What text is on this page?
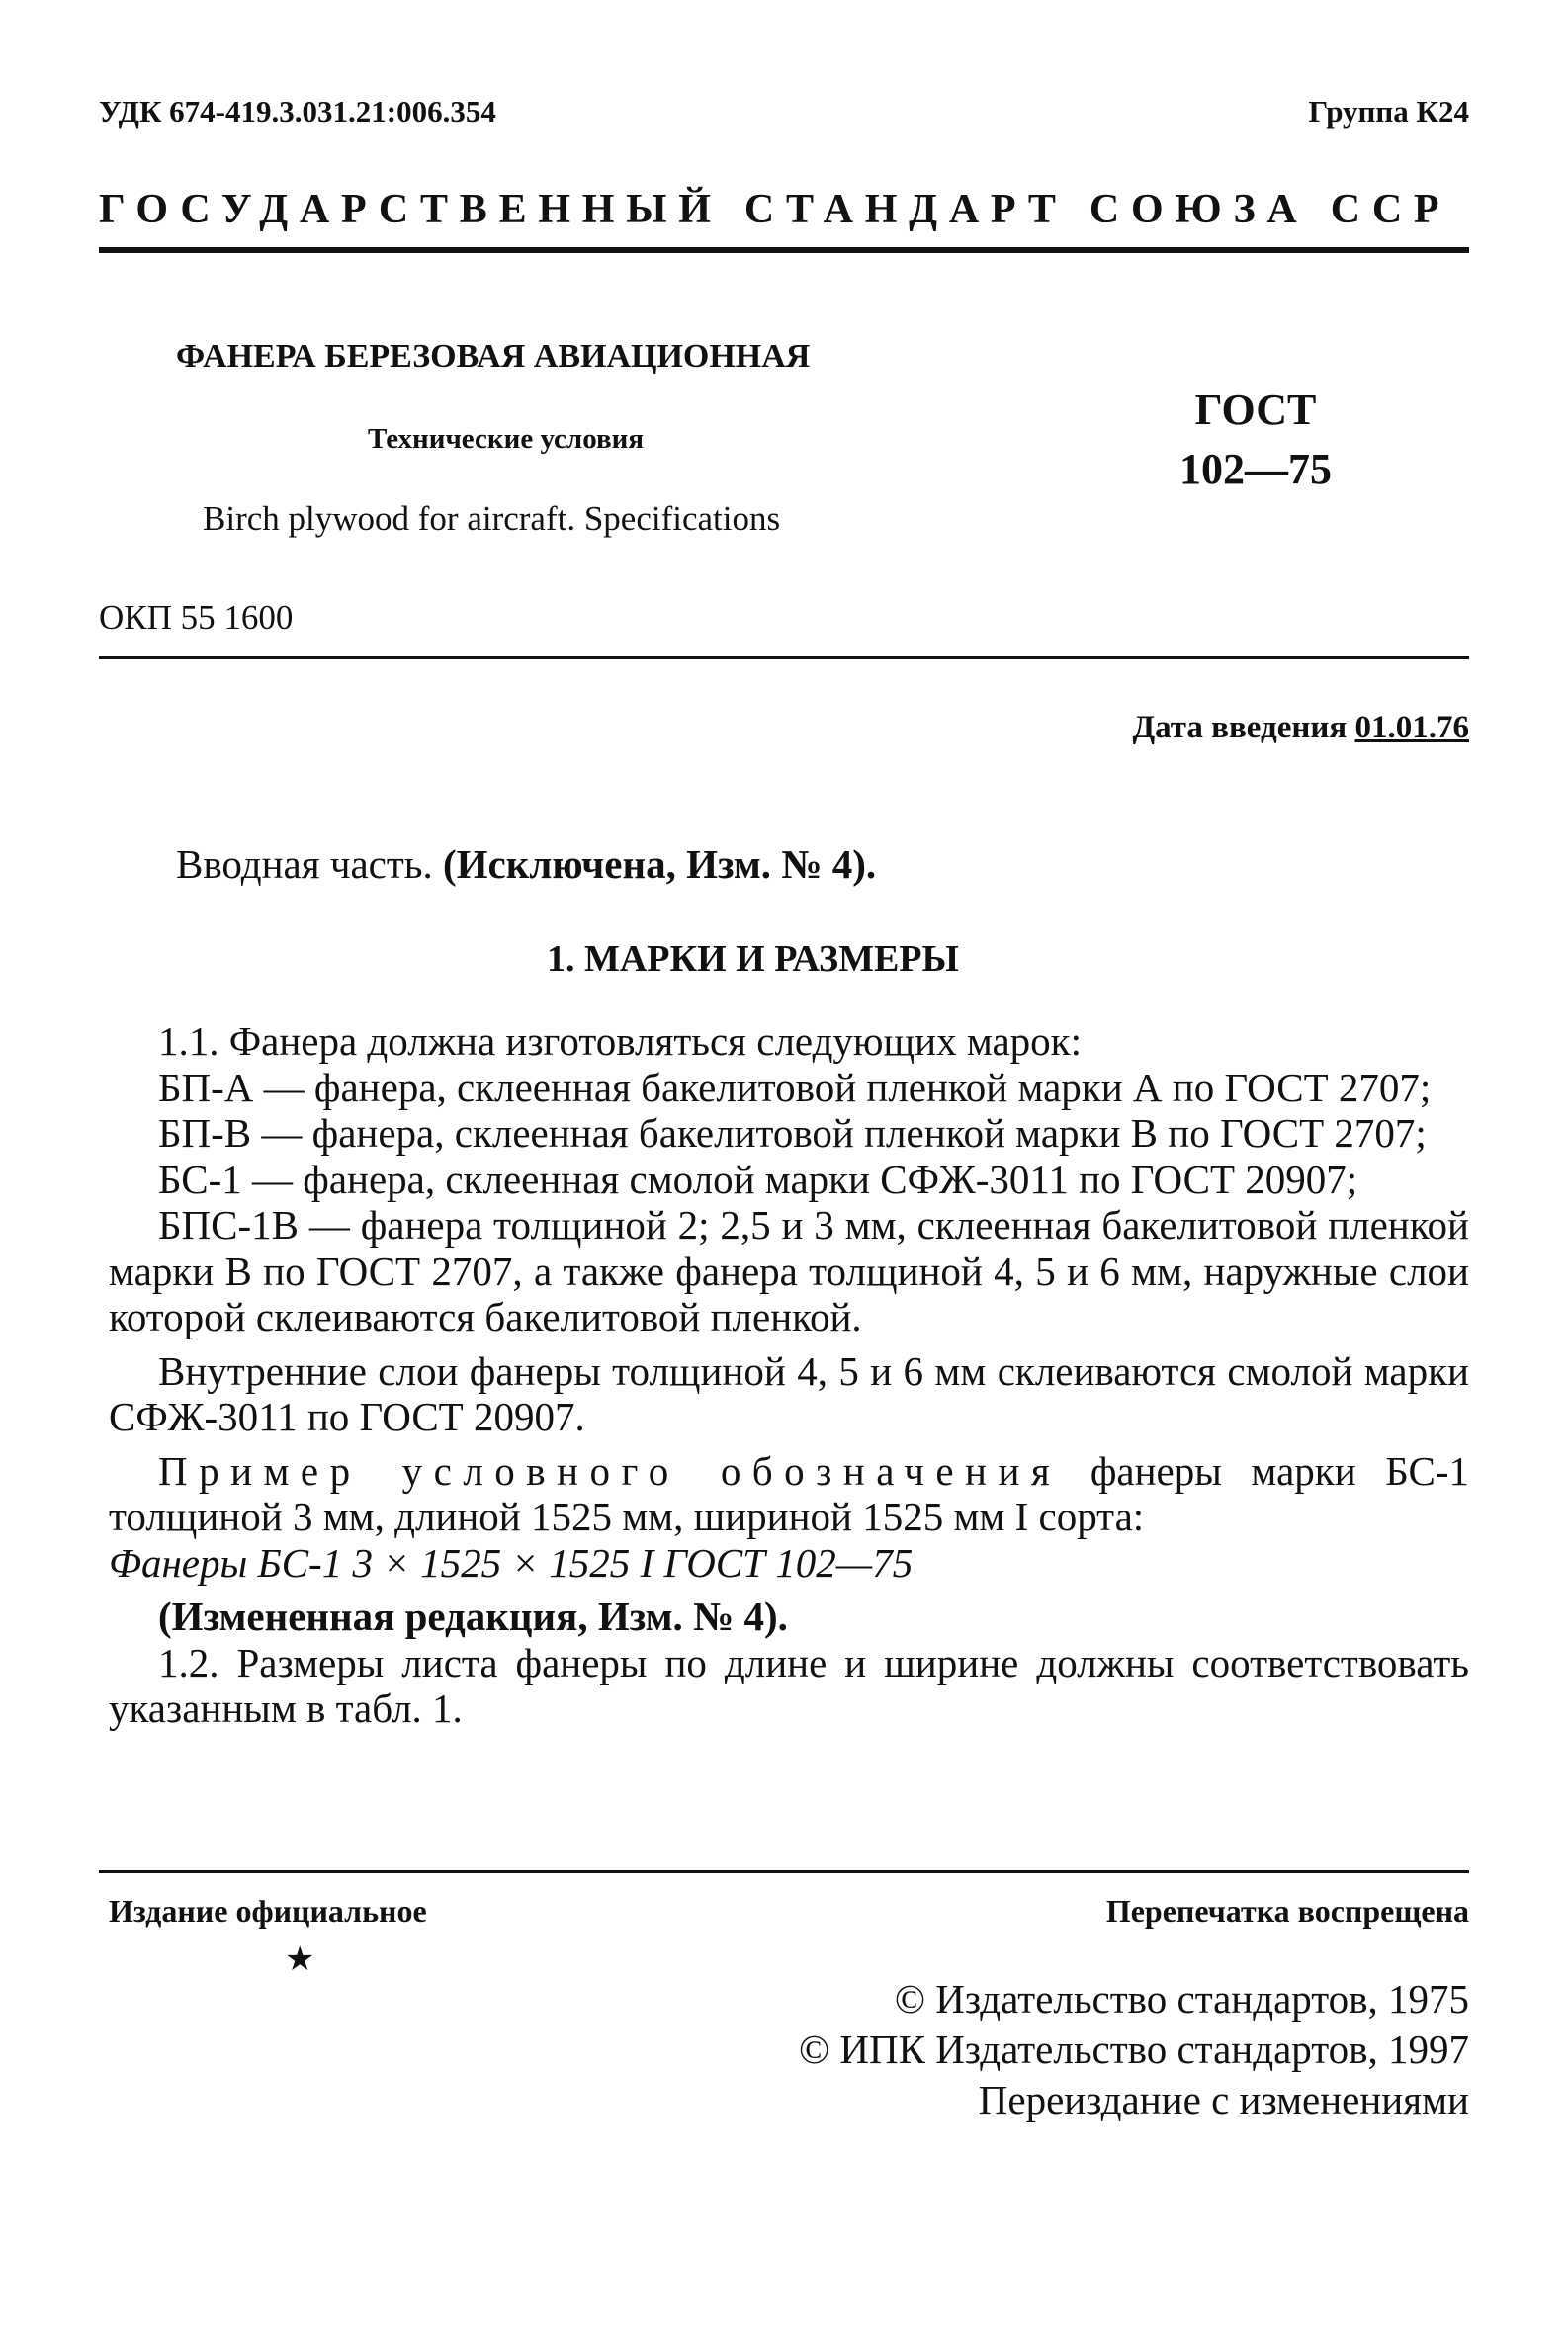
УДК 674-419.3.031.21:006.354	Группа К24
ГОСУДАРСТВЕННЫЙ СТАНДАРТ СОЮЗА ССР
ФАНЕРА БЕРЕЗОВАЯ АВИАЦИОННАЯ
Технические условия
Birch plywood for aircraft. Specifications
ГОСТ
102—75
ОКП 55 1600
Дата введения 01.01.76
Вводная часть. (Исключена, Изм. № 4).
1. МАРКИ И РАЗМЕРЫ

1.1. Фанера должна изготовляться следующих марок:

БП-А — фанера, склеенная бакелитовой пленкой марки А по ГОСТ 2707;

БП-В — фанера, склеенная бакелитовой пленкой марки В по ГОСТ 2707;

БС-1 — фанера, склеенная смолой марки СФЖ-3011 по ГОСТ 20907;

БПС-1В — фанера толщиной 2; 2,5 и 3 мм, склеенная бакелитовой пленкой марки В по ГОСТ 2707, а также фанера толщиной 4, 5 и 6 мм, наружные слои которой склеиваются бакелитовой пленкой.

Внутренние слои фанеры толщиной 4, 5 и 6 мм склеиваются смолой марки СФЖ-3011 по ГОСТ 20907.

Пример условного обозначения фанеры марки БС-1 толщиной 3 мм, длиной 1525 мм, шириной 1525 мм I сорта:

Фанеры БС-1 3 × 1525 × 1525 I ГОСТ 102—75

(Измененная редакция, Изм. № 4).

1.2. Размеры листа фанеры по длине и ширине должны соответствовать указанным в табл. 1.

Издание официальное	Перепечатка воспрещена
★
© Издательство стандартов, 1975
© ИПК Издательство стандартов, 1997
Переиздание с изменениями
